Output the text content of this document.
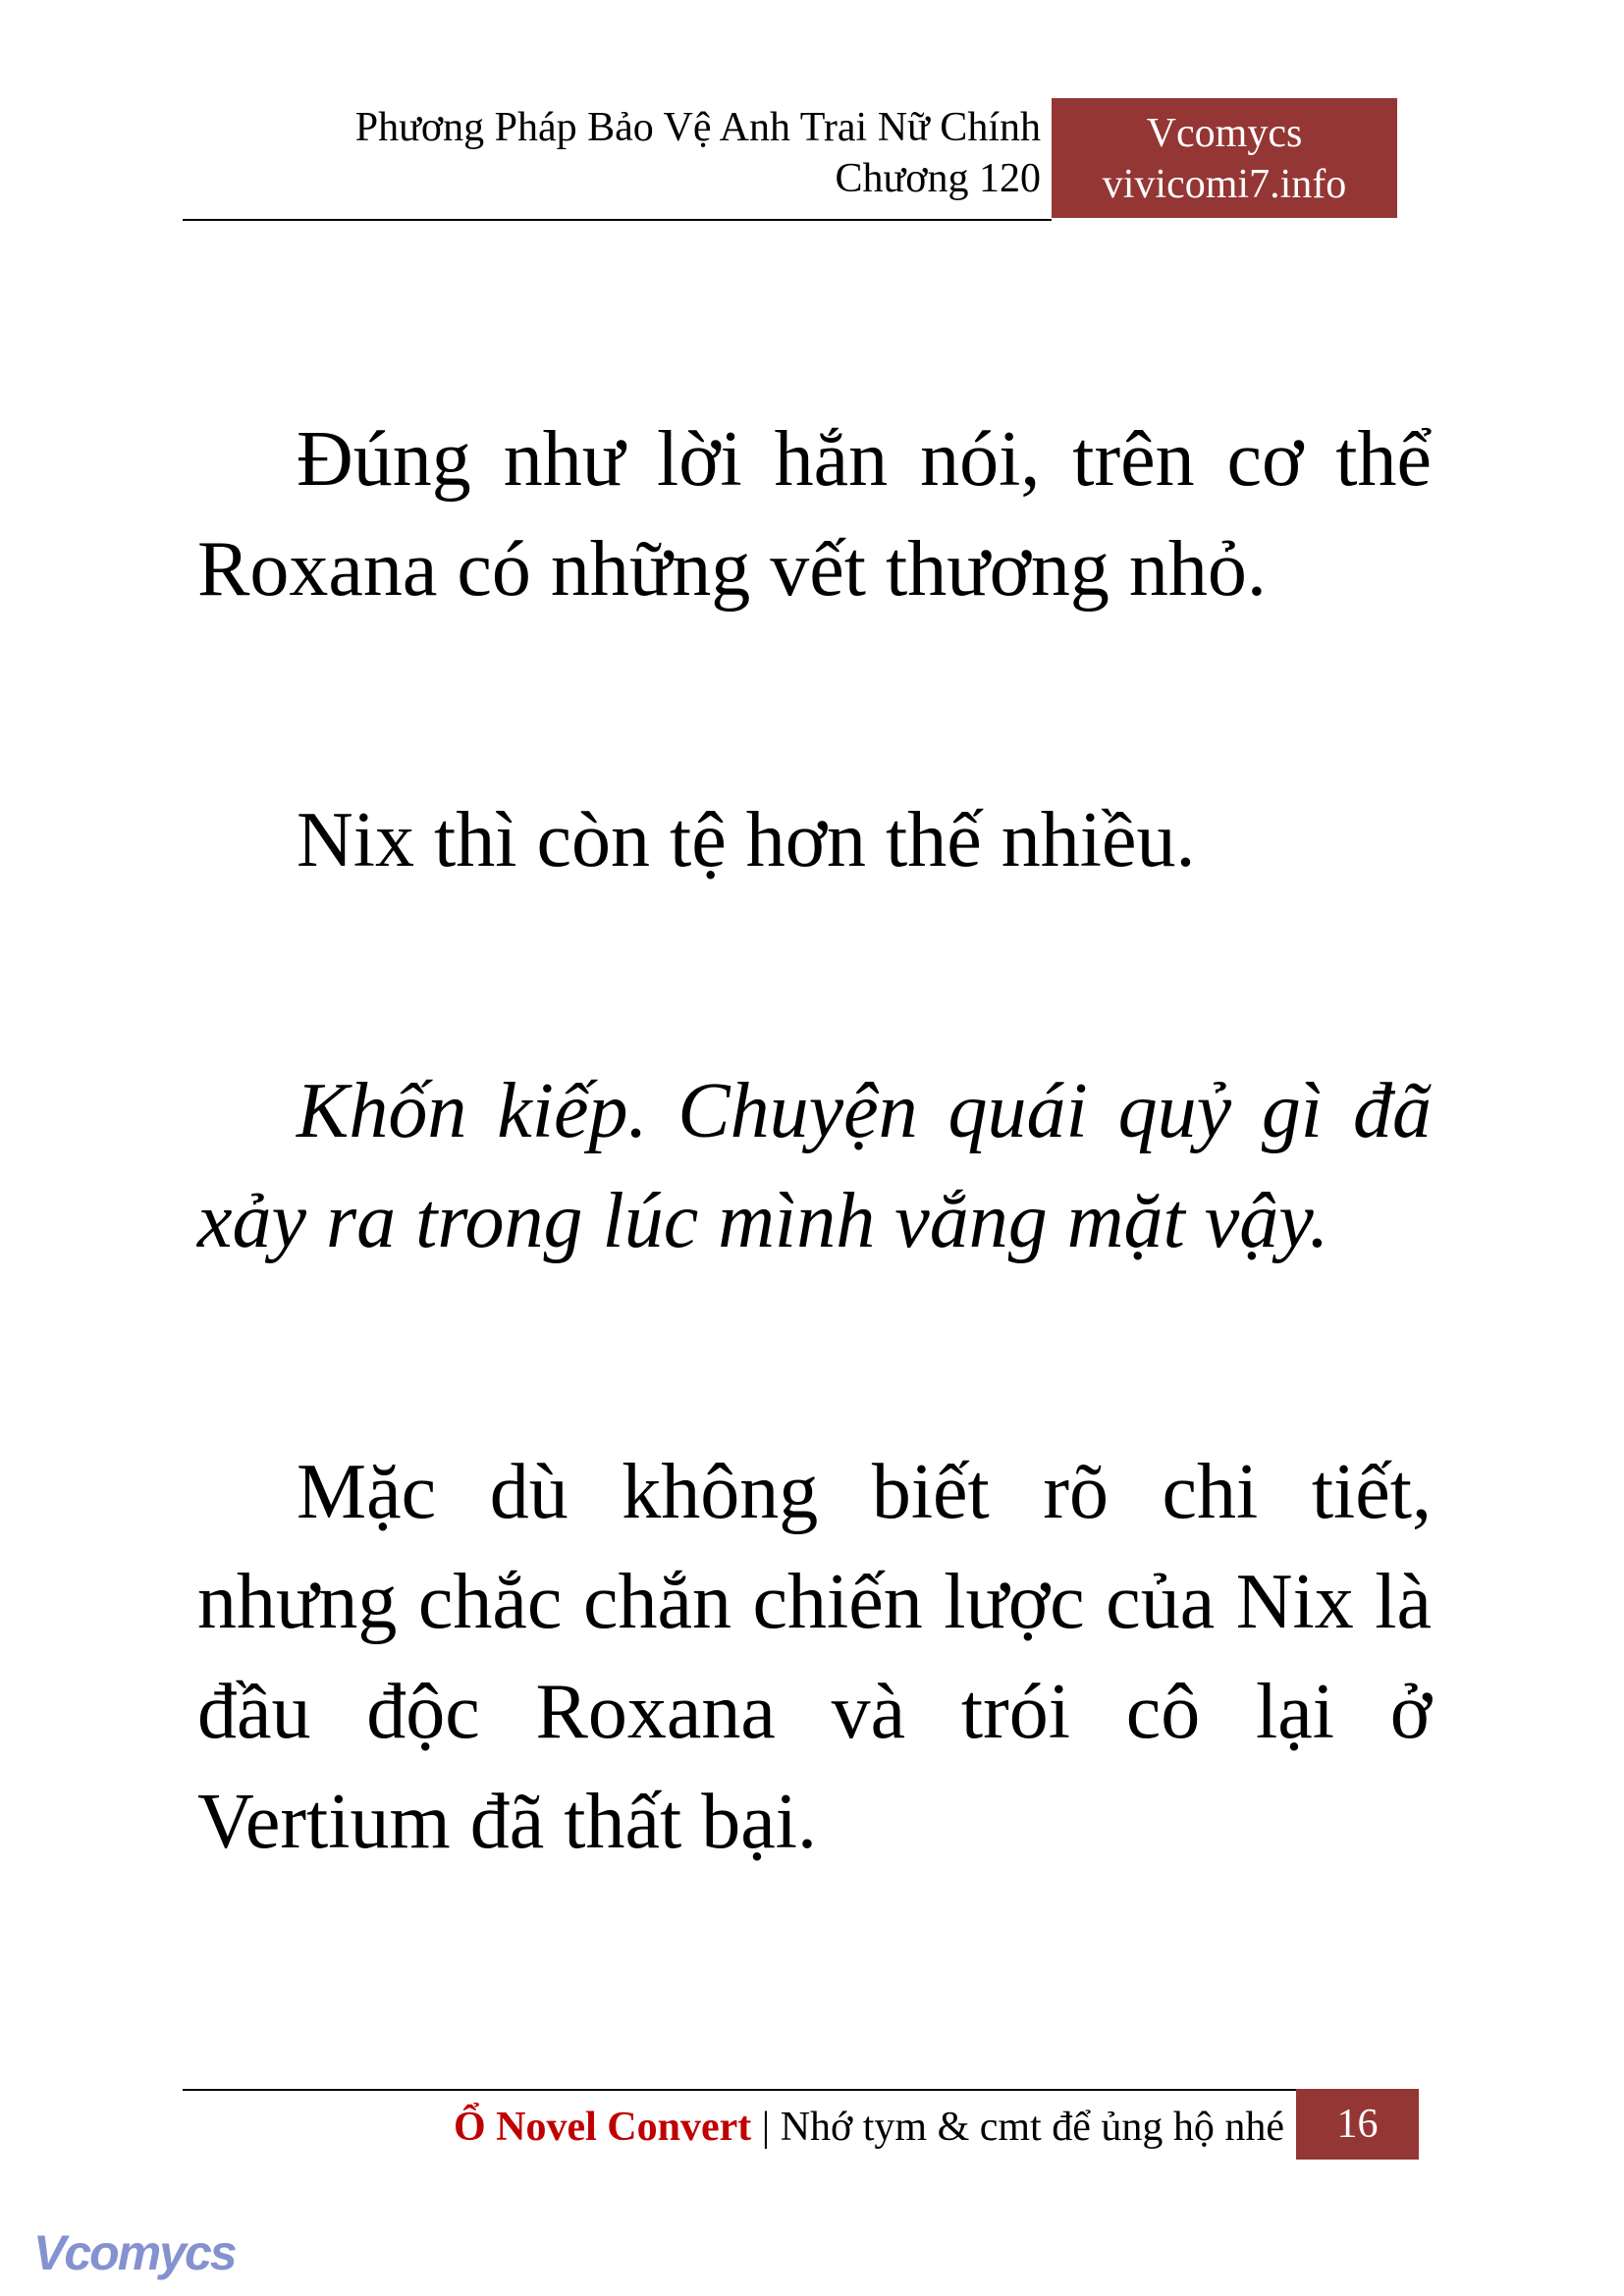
Phương Pháp Bảo Vệ Anh Trai Nữ Chính
Chương 120
Vcomycs
vivicomi7.info

Đúng như lời hắn nói, trên cơ thể Roxana có những vết thương nhỏ.

Nix thì còn tệ hơn thế nhiều.

Khốn kiếp. Chuyện quái quỷ gì đã xảy ra trong lúc mình vắng mặt vậy.

Mặc dù không biết rõ chi tiết, nhưng chắc chắn chiến lược của Nix là đầu độc Roxana và trói cô lại ở Vertium đã thất bại.

Ổ Novel Convert | Nhớ tym & cmt để ủng hộ nhé	16
Vcomycs
